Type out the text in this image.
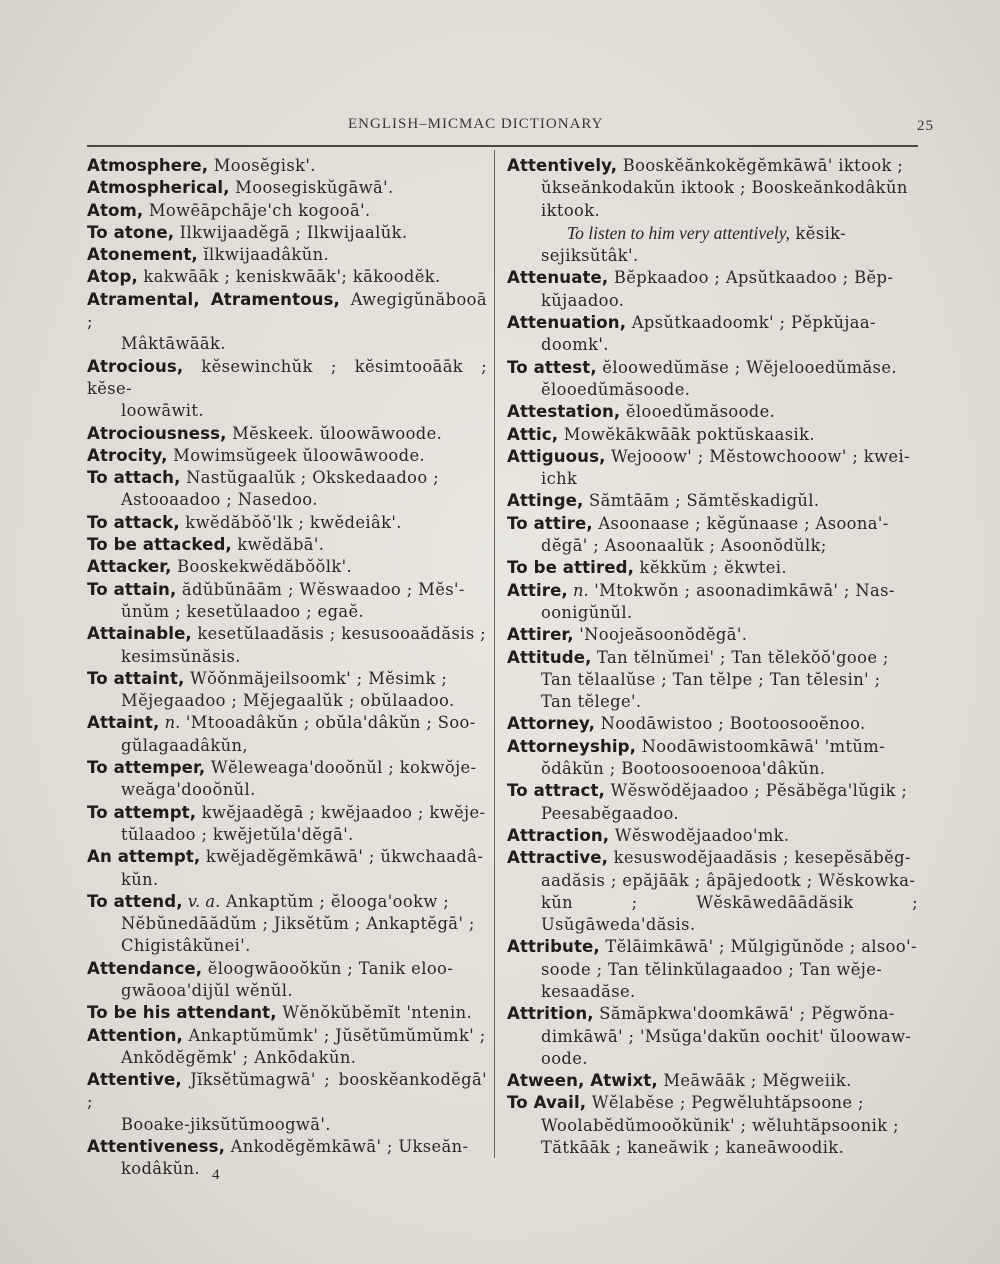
ENGLISH–MICMAC DICTIONARY	25
Atmosphere, Moosĕgisk'.
Atmospherical, Moosegiskŭgāwā'.
Atom, Mowēāpchāje'ch kogooā'.
To atone, Ilkwijaadĕgā ; Ilkwijaalŭk.
Atonement, ĭlkwijaadâkŭn.
Atop, kakwāāk ; keniskwāāk'; kākoodĕk.
Atramental, Atramentous, Awegigŭnăbooā ;
Mâktāwāāk.
Atrocious, kĕsewinchŭk ; kĕsimtooāāk ; kĕse-
loowāwit.
Atrociousness, Mĕskeek. ŭloowāwoode.
Atrocity, Mowimsŭgeek ŭloowāwoode.
To attach, Nastŭgaalŭk ; Okskedaadoo ;
Astooaadoo ; Nasedoo.
To attack, kwĕdăbŏŏ'lk ; kwĕdeiâk'.
To be attacked, kwĕdăbā'.
Attacker, Booskekwĕdăbŏŏlk'.
To attain, ădŭbŭnāām ; Wĕswaadoo ; Mĕs'-
ŭnŭm ; kesetŭlaadoo ; egaĕ.
Attainable, kesetŭlaadăsis ; kesusooaădăsis ;
kesimsŭnăsis.
To attaint, Wŏŏnmăjeilsoomk' ; Mĕsimk ;
Mĕjegaadoo ; Mĕjegaalŭk ; obŭlaadoo.
Attaint, n. 'Mtooadâkŭn ; obŭla'dâkŭn ; Soo-
gŭlagaadâkŭn,
To attemper, Wĕleweaga'dooŏnŭl ; kokwŏje-
weăga'dooŏnŭl.
To attempt, kwĕjaadĕgā ; kwĕjaadoo ; kwĕje-
tŭlaadoo ; kwĕjetŭla'dĕgā'.
An attempt, kwĕjadĕgĕmkāwā' ; ŭkwchaadâ-
kŭn.
To attend, v. a. Ankaptŭm ; ĕlooga'ookw ;
Nĕbŭnedāădŭm ; Jiksĕtŭm ; Ankaptĕgā' ;
Chigistâkŭnei'.
Attendance, ĕloogwāooŏkŭn ; Tanik eloo-
gwāooa'dijŭl wĕnŭl.
To be his attendant, Wĕnŏkŭbĕmĭt 'ntenin.
Attention, Ankaptŭmŭmk' ; Jŭsĕtŭmŭmŭmk' ;
Ankŏdĕgĕmk' ; Ankōdakŭn.
Attentive, Jĭksĕtŭmagwā' ; booskĕankodĕgā' ;
Booake-jiksŭtŭmoogwā'.
Attentiveness, Ankodĕgĕmkāwā' ; Ukseăn-
kodâkŭn.
Attentively, Booskĕănkokĕgĕmkāwā' iktook ;
ŭkseănkodakŭn iktook ; Booskeănkodâkŭn
iktook.
To listen to him very attentively, kĕsik-
sejiksŭtâk'.
Attenuate, Bĕpkaadoo ; Apsŭtkaadoo ; Bĕp-
kŭjaadoo.
Attenuation, Apsŭtkaadoomk' ; Pĕpkŭjaa-
doomk'.
To attest, ĕloowedŭmăse ; Wĕjelooedŭmăse.
ĕlooedŭmăsoode.
Attestation, ĕlooedŭmăsoode.
Attic, Mowĕkākwāāk poktŭskaasik.
Attiguous, Wejooow' ; Mĕstowchooow' ; kwei-
ichk
Attinge, Sămtāām ; Sămtĕskadigŭl.
To attire, Asoonaase ; kĕgŭnaase ; Asoona'-
dĕgā' ; Asoonaalŭk ; Asoonŏdŭlk;
To be attired, kĕkkŭm ; ĕkwtei.
Attire, n. 'Mtokwŏn ; asoonadimkāwā' ; Nas-
oonigŭnŭl.
Attirer, 'Noojeăsoonŏdĕgā'.
Attitude, Tan tĕlnŭmei' ; Tan tĕlekŏŏ'gooe ;
Tan tĕlaalŭse ; Tan tĕlpe ; Tan tĕlesin' ;
Tan tĕlege'.
Attorney, Noodāwistoo ; Bootoosooĕnoo.
Attorneyship, Noodāwistoomkāwā' 'mtŭm-
ŏdâkŭn ; Bootoosooenooa'dâkŭn.
To attract, Wĕswŏdĕjaadoo ; Pĕsăbĕga'lŭgik ;
Peesabĕgaadoo.
Attraction, Wĕswodĕjaadoo'mk.
Attractive, kesuswodĕjaadăsis ; kesepĕsăbĕg-
aadăsis ; epăjāāk ; âpājedootk ; Wĕskowka-
kŭn ; Wĕskāwedāādăsik ; Usŭgāweda'dăsis.
Attribute, Tĕlāimkāwā' ; Mŭlgigŭnŏde ; alsoo'-
soode ; Tan tĕlinkŭlagaadoo ; Tan wĕje-
kesaadăse.
Attrition, Sămăpkwa'doomkāwā' ; Pĕgwŏna-
dimkāwā' ; 'Msŭga'dakŭn oochit' ŭloowaw-
oode.
Atween, Atwixt, Meāwāāk ; Mĕgweiik.
To Avail, Wĕlabĕse ; Pegwĕluhtăpsoone ;
Woolabĕdŭmooŏkŭnik' ; wĕluhtăpsoonik ;
Tătkāāk ; kaneăwik ; kaneāwoodik.
4
